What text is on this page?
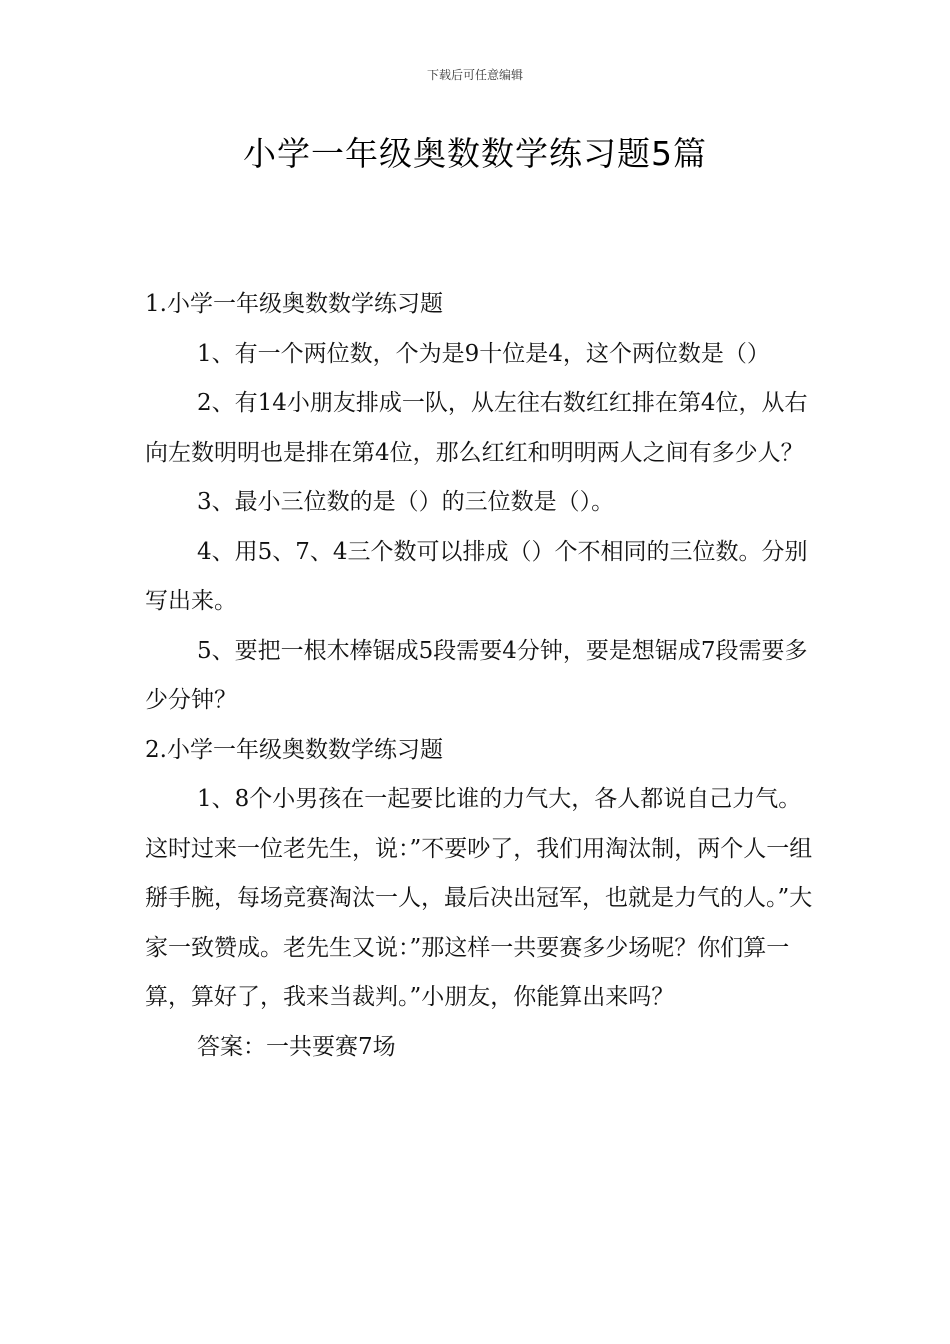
下载后可任意编辑
小学一年级奥数数学练习题5篇

1.小学一年级奥数数学练习题

1、有一个两位数，个为是9十位是4，这个两位数是（）

2、有14小朋友排成一队，从左往右数红红排在第4位，从右向左数明明也是排在第4位，那么红红和明明两人之间有多少人？

3、最小三位数的是（）的三位数是（）。

4、用5、7、4三个数可以排成（）个不相同的三位数。分别写出来。

5、要把一根木棒锯成5段需要4分钟，要是想锯成7段需要多少分钟？

2.小学一年级奥数数学练习题

1、8个小男孩在一起要比谁的力气大，各人都说自己力气。这时过来一位老先生，说：”不要吵了，我们用淘汰制，两个人一组掰手腕，每场竞赛淘汰一人，最后决出冠军，也就是力气的人。”大家一致赞成。老先生又说：”那这样一共要赛多少场呢？你们算一算，算好了，我来当裁判。”小朋友，你能算出来吗？

答案：一共要赛7场
